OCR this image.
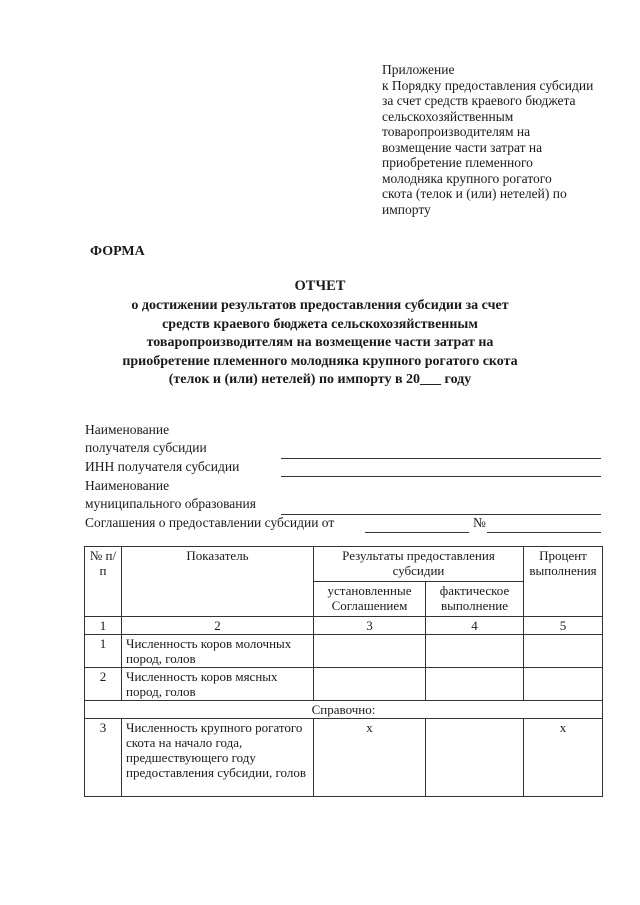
Приложение
к Порядку предоставления субсидии
за счет средств краевого бюджета
сельскохозяйственным
товаропроизводителям на
возмещение части затрат на
приобретение племенного
молодняка крупного рогатого
скота (телок и (или) нетелей) по
импорту
ФОРМА
ОТЧЕТ
о достижении результатов предоставления субсидии за счет
средств краевого бюджета сельскохозяйственным
товаропроизводителям на возмещение части затрат на
приобретение племенного молодняка крупного рогатого скота
(телок и (или) нетелей) по импорту в 20___ году
Наименование
получателя субсидии
ИНН получателя субсидии
Наименование
муниципального образования
Соглашения о предоставлении субсидии от	№
№ п/п	Показатель	Результаты предоставления субсидии		Процент выполнения
		установленные Соглашением	фактическое выполнение	
1	2	3	4	5
1	Численность коров молочных пород, голов			
2	Численность коров мясных пород, голов			
Справочно:				
3	Численность крупного рогатого скота на начало года, предшествующего году предоставления субсидии, голов	x		x
